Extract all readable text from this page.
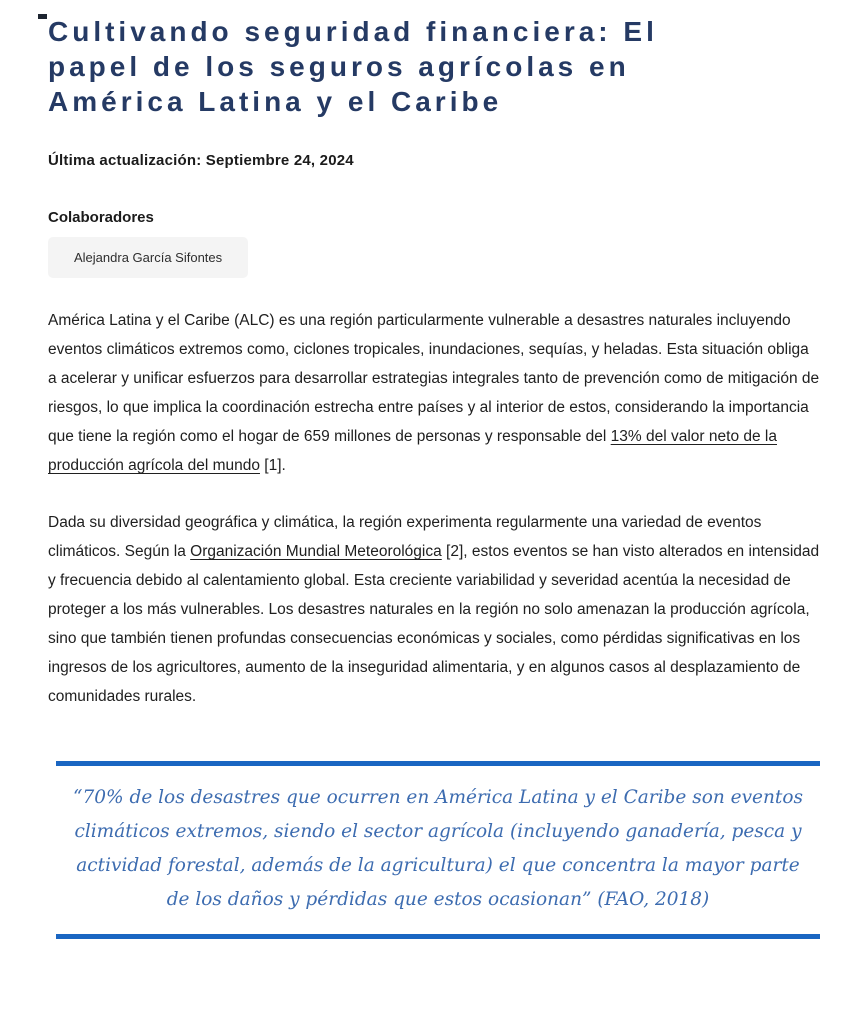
Cultivando seguridad financiera: El
papel de los seguros agrícolas en
América Latina y el Caribe
Última actualización: Septiembre 24, 2024
Colaboradores
Alejandra García Sifontes

América Latina y el Caribe (ALC) es una región particularmente vulnerable a desastres naturales incluyendo eventos climáticos extremos como, ciclones tropicales, inundaciones, sequías, y heladas. Esta situación obliga a acelerar y unificar esfuerzos para desarrollar estrategias integrales tanto de prevención como de mitigación de riesgos, lo que implica la coordinación estrecha entre países y al interior de estos, considerando la importancia que tiene la región como el hogar de 659 millones de personas y responsable del 13% del valor neto de la producción agrícola del mundo [1].

Dada su diversidad geográfica y climática, la región experimenta regularmente una variedad de eventos climáticos. Según la Organización Mundial Meteorológica [2], estos eventos se han visto alterados en intensidad y frecuencia debido al calentamiento global. Esta creciente variabilidad y severidad acentúa la necesidad de proteger a los más vulnerables. Los desastres naturales en la región no solo amenazan la producción agrícola, sino que también tienen profundas consecuencias económicas y sociales, como pérdidas significativas en los ingresos de los agricultores, aumento de la inseguridad alimentaria, y en algunos casos al desplazamiento de comunidades rurales.

“70% de los desastres que ocurren en América Latina y el Caribe son eventos climáticos extremos, siendo el sector agrícola (incluyendo ganadería, pesca y actividad forestal, además de la agricultura) el que concentra la mayor parte de los daños y pérdidas que estos ocasionan” (FAO, 2018)
